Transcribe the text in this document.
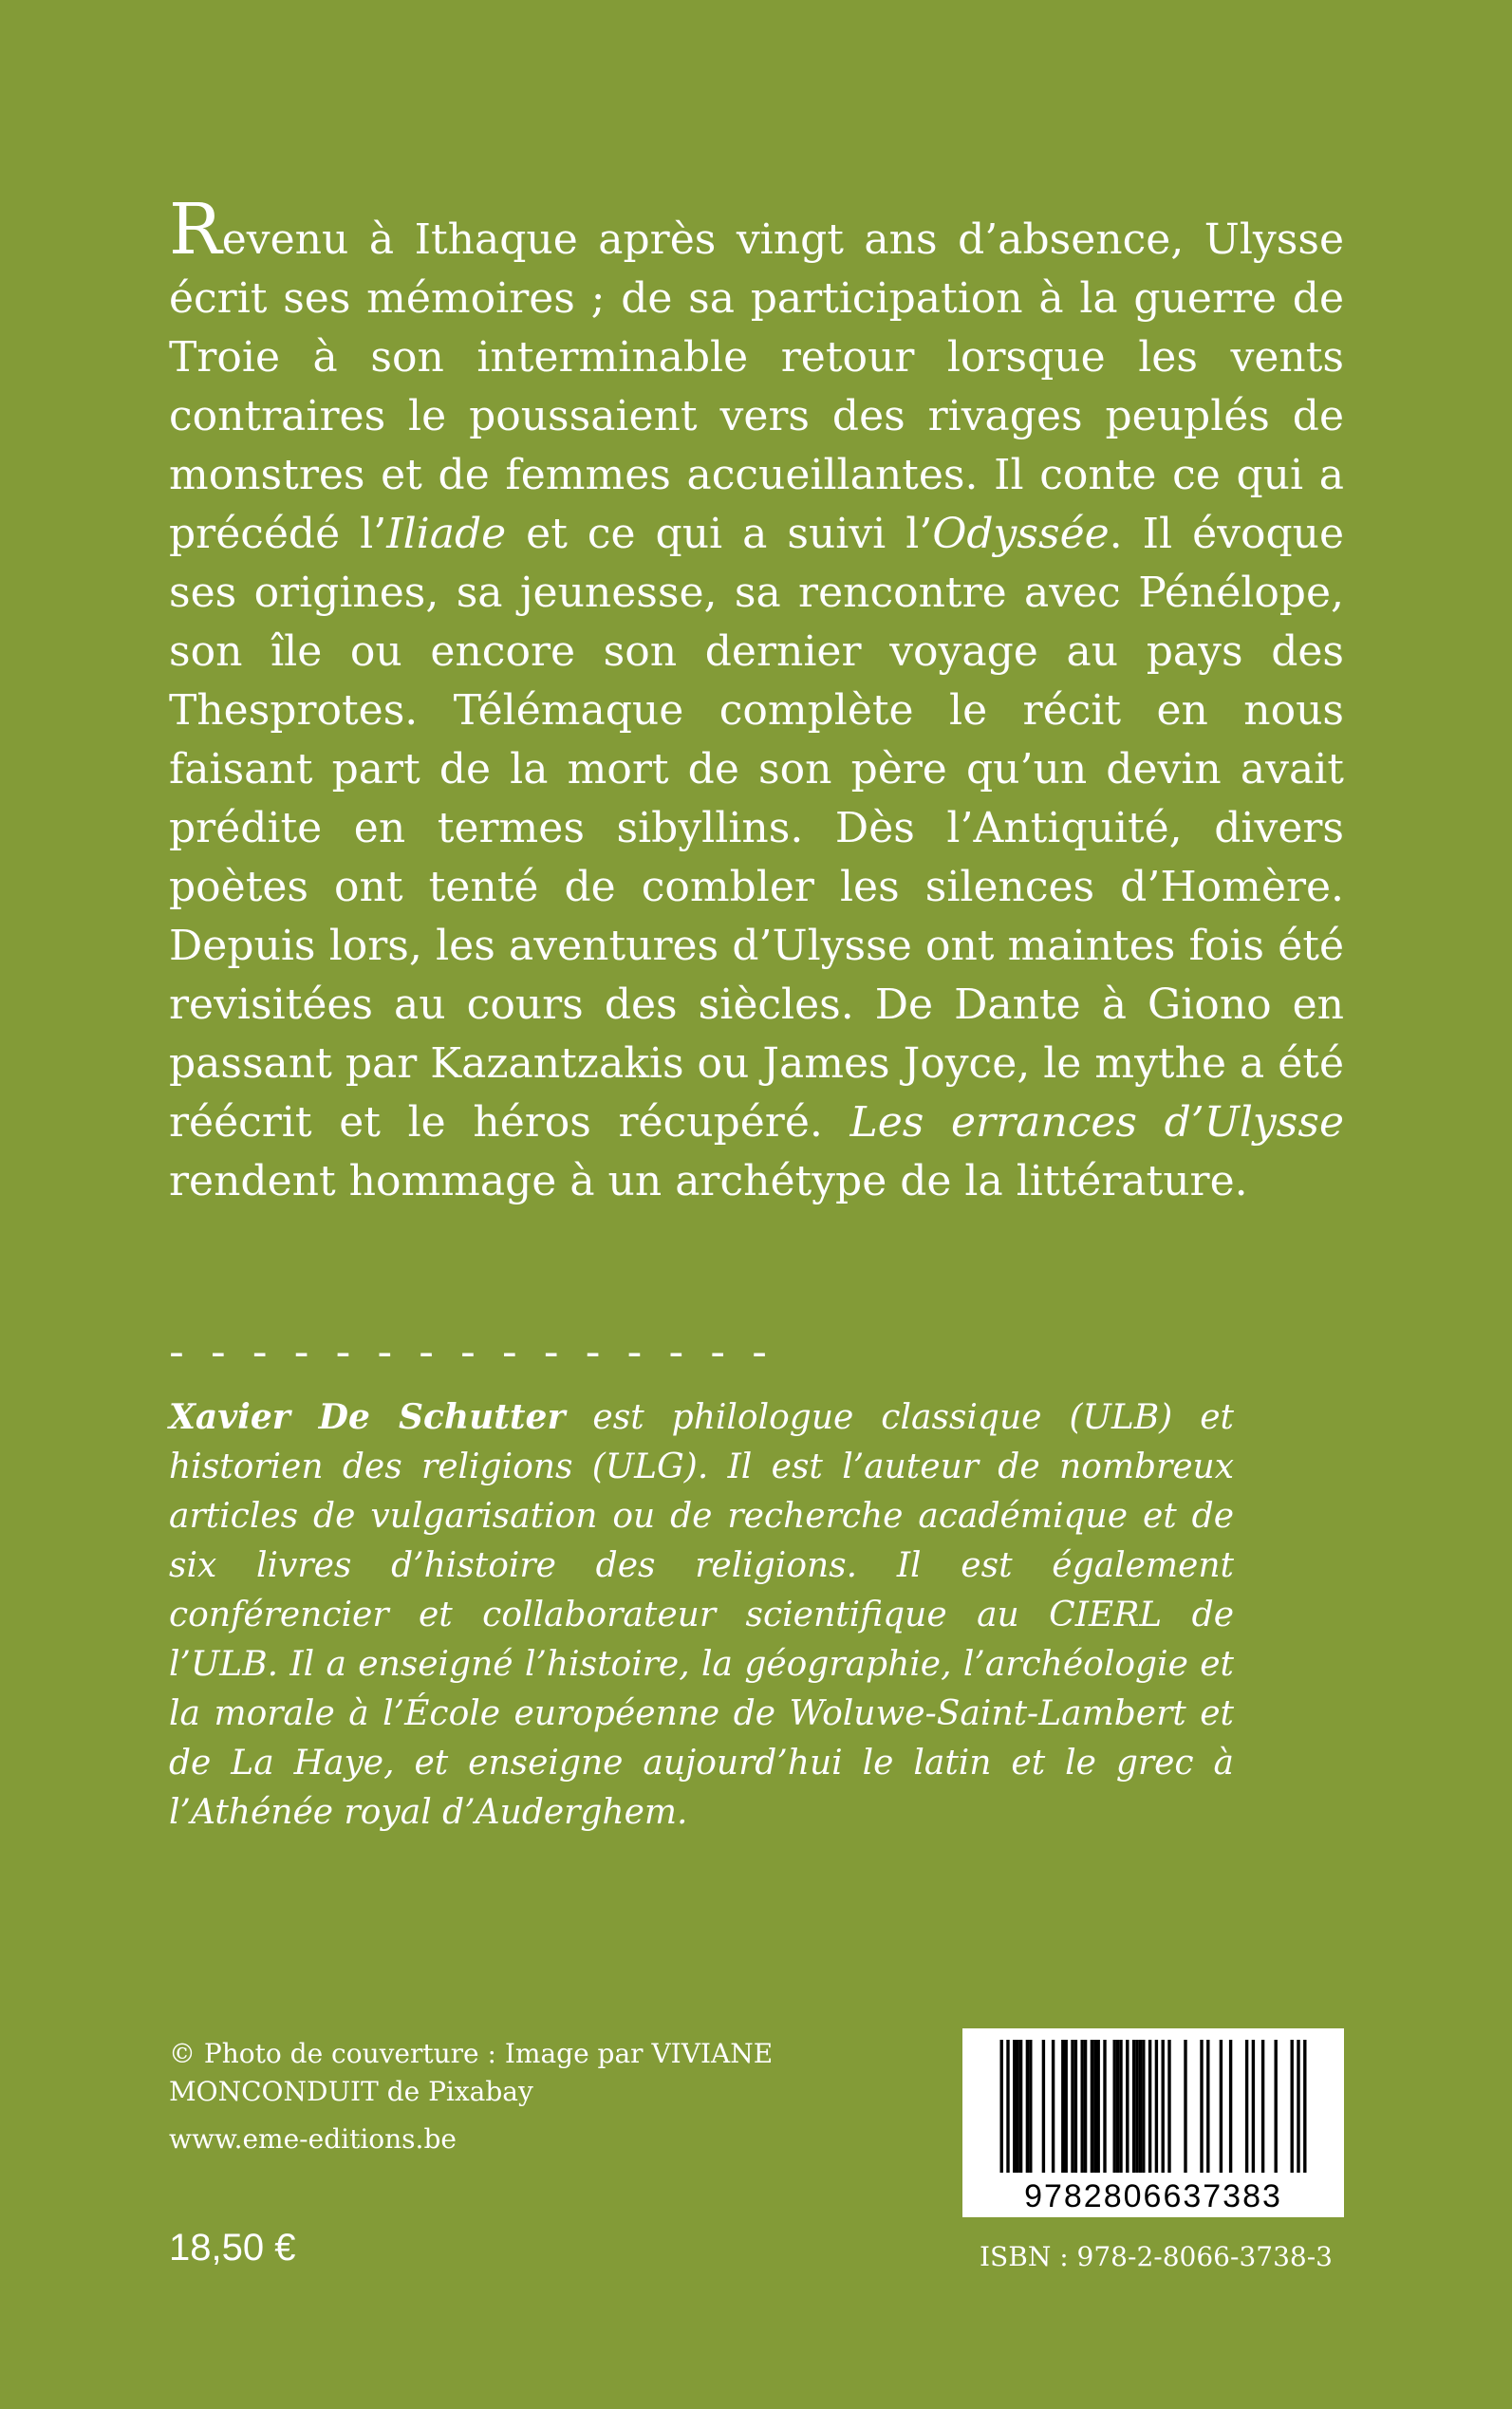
Revenu à Ithaque après vingt ans d’absence, Ulysse écrit ses mémoires ; de sa participation à la guerre de Troie à son interminable retour lorsque les vents contraires le poussaient vers des rivages peuplés de monstres et de femmes accueillantes. Il conte ce qui a précédé l’Iliade et ce qui a suivi l’Odyssée. Il évoque ses origines, sa jeunesse, sa rencontre avec Pénélope, son île ou encore son dernier voyage au pays des Thesprotes. Télémaque complète le récit en nous faisant part de la mort de son père qu’un devin avait prédite en termes sibyllins. Dès l’Antiquité, divers poètes ont tenté de combler les silences d’Homère. Depuis lors, les aventures d’Ulysse ont maintes fois été revisitées au cours des siècles. De Dante à Giono en passant par Kazantzakis ou James Joyce, le mythe a été réécrit et le héros récupéré. Les errances d’Ulysse rendent hommage à un archétype de la littérature.

- - - - - - - - - - - - - - -

Xavier De Schutter est philologue classique (ULB) et historien des religions (ULG). Il est l’auteur de nombreux articles de vulgarisation ou de recherche académique et de six livres d’histoire des religions. Il est également conférencier et collaborateur scientifique au CIERL de l’ULB. Il a enseigné l’histoire, la géographie, l’archéologie et la morale à l’École européenne de Woluwe-Saint-Lambert et de La Haye, et enseigne aujourd’hui le latin et le grec à l’Athénée royal d’Auderghem.

© Photo de couverture : Image par VIVIANE MONCONDUIT de Pixabay

www.eme-editions.be

18,50 €

9782806637383

ISBN : 978-2-8066-3738-3
